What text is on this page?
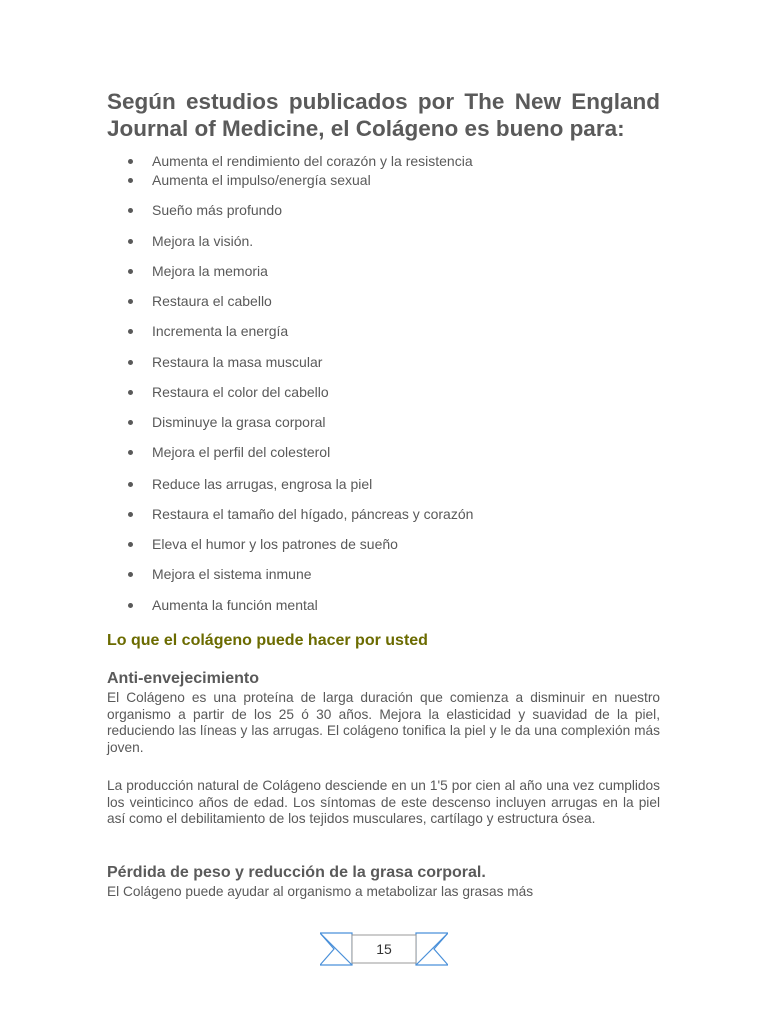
Según estudios publicados por The New England Journal of Medicine, el Colágeno es bueno para:
Aumenta el rendimiento del corazón y la resistencia
Aumenta el impulso/energía sexual
Sueño más profundo
Mejora la visión.
Mejora la memoria
Restaura el cabello
Incrementa la energía
Restaura la masa muscular
Restaura el color del cabello
Disminuye la grasa corporal
Mejora el perfil del colesterol
Reduce las arrugas, engrosa la piel
Restaura el tamaño del hígado, páncreas y corazón
Eleva el humor y los patrones de sueño
Mejora el sistema inmune
Aumenta la función mental
Lo que el colágeno puede hacer por usted
Anti-envejecimiento

El Colágeno es una proteína de larga duración que comienza a disminuir en nuestro organismo a partir de los 25 ó 30 años. Mejora la elasticidad y suavidad de la piel, reduciendo las líneas y las arrugas. El colágeno tonifica la piel y le da una complexión más joven.

La producción natural de Colágeno desciende en un 1'5 por cien al año una vez cumplidos los veinticinco años de edad. Los síntomas de este descenso incluyen arrugas en la piel así como el debilitamiento de los tejidos musculares, cartílago y estructura ósea.

Pérdida de peso y reducción de la grasa corporal.

El Colágeno puede ayudar al organismo a metabolizar las grasas más

15
